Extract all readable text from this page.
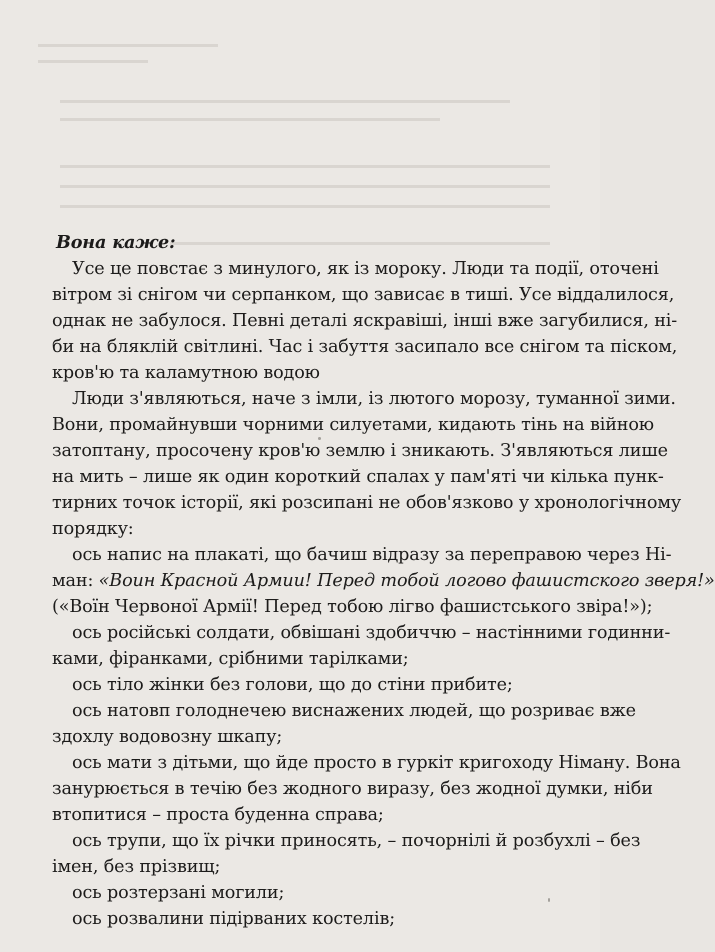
Вона каже:
Усе це повстає з минулого, як із мороку. Люди та події, оточені
вітром зі снігом чи серпанком, що зависає в тиші. Усе віддалилося,
однак не забулося. Певні деталі яскравіші, інші вже загубилися, ні-
би на бляклій світлині. Час і забуття засипало все снігом та піском,
кров'ю та каламутною водою
Люди з'являються, наче з імли, із лютого морозу, туманної зими.
Вони, промайнувши чорними силуетами, кидають тінь на війною
затоптану, просочену кров'ю землю і зникають. З'являються лише
на мить – лише як один короткий спалах у пам'яті чи кілька пунк-
тирних точок історії, які розсипані не обов'язково у хронологічному
порядку:
ось напис на плакаті, що бачиш відразу за переправою через Ні-
ман: «Воин Красной Армии! Перед тобой логово фашистского зверя!»
(«Воїн Червоної Армії! Перед тобою лігво фашистського звіра!»);
ось російські солдати, обвішані здобиччю – настінними годинни-
ками, фіранками, срібними тарілками;
ось тіло жінки без голови, що до стіни прибите;
ось натовп голоднечею виснажених людей, що розриває вже
здохлу водовозну шкапу;
ось мати з дітьми, що йде просто в гуркіт кригоходу Німану. Вона
занурюється в течію без жодного виразу, без жодної думки, ніби
втопитися – проста буденна справа;
ось трупи, що їх річки приносять, – почорнілі й розбухлі – без
імен, без прізвищ;
ось розтерзані могили;
ось розвалини підірваних костелів;
